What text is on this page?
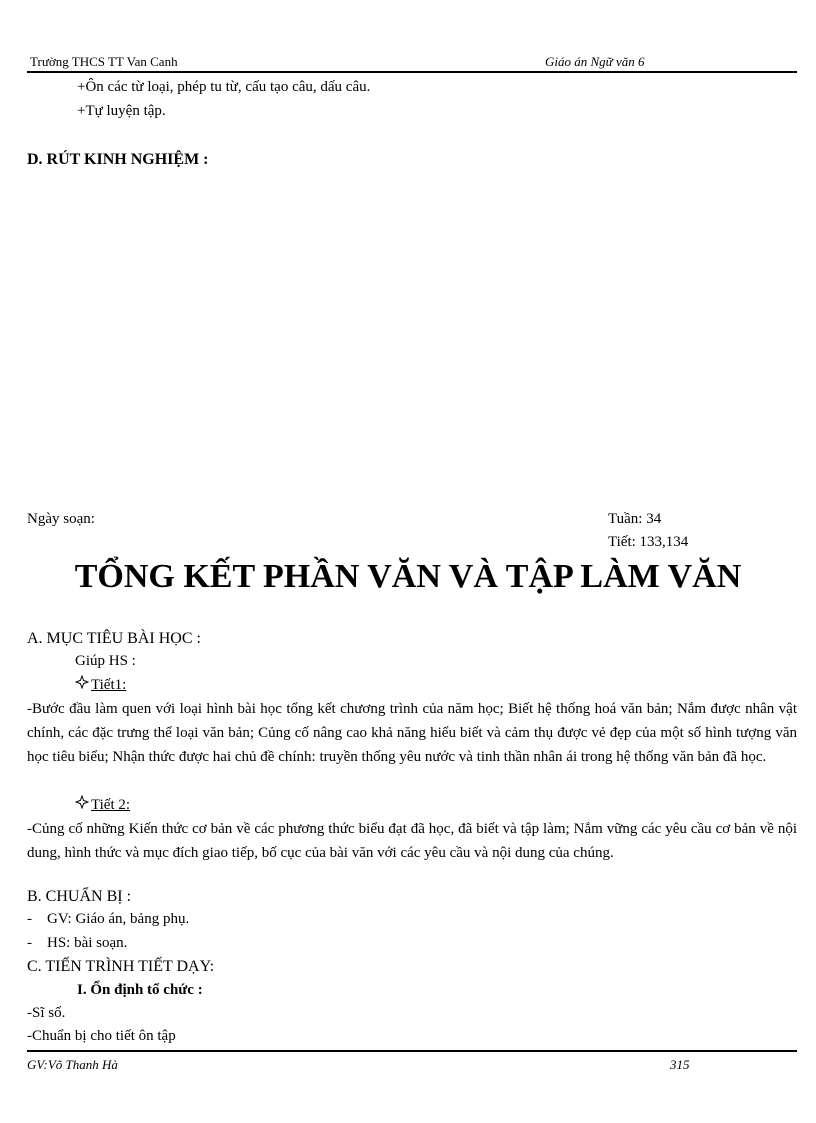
Trường THCS TT Van Canh	Giáo án Ngữ văn 6
+Ôn các từ loại, phép tu từ, cấu tạo câu, dấu câu.
+Tự luyện tập.
D. RÚT KINH NGHIỆM :
Ngày soạn:	Tuần: 34
Tiết: 133,134
TỔNG KẾT PHẦN VĂN VÀ TẬP LÀM VĂN
A. MỤC TIÊU BÀI HỌC :
Giúp HS :
Tiết1:
-Bước đầu làm quen với loại hình bài học tổng kết chương trình của năm học; Biết hệ thống hoá văn bản; Nắm được nhân vật chính, các đặc trưng thể loại văn bản; Củng cố nâng cao khả năng hiểu biết và cảm thụ được vẻ đẹp của một số hình tượng văn học tiêu biểu; Nhận thức được hai chủ đề chính: truyền thống yêu nước và tinh thần nhân ái trong hệ thống văn bản đã học.
Tiết 2:
-Củng cố những Kiến thức cơ bản về các phương thức biểu đạt đã học, đã biết và tập làm; Nắm vững các yêu cầu cơ bản về nội dung, hình thức và mục đích giao tiếp, bố cục của bài văn với các yêu cầu và nội dung của chúng.
B. CHUẨN BỊ :
-    GV: Giáo án, bảng phụ.
-    HS: bài soạn.
C. TIẾN TRÌNH TIẾT DẠY:
I. Ổn định tổ chức :
-Sĩ số.
-Chuẩn bị cho tiết ôn tập
GV:Võ Thanh Hà	315
